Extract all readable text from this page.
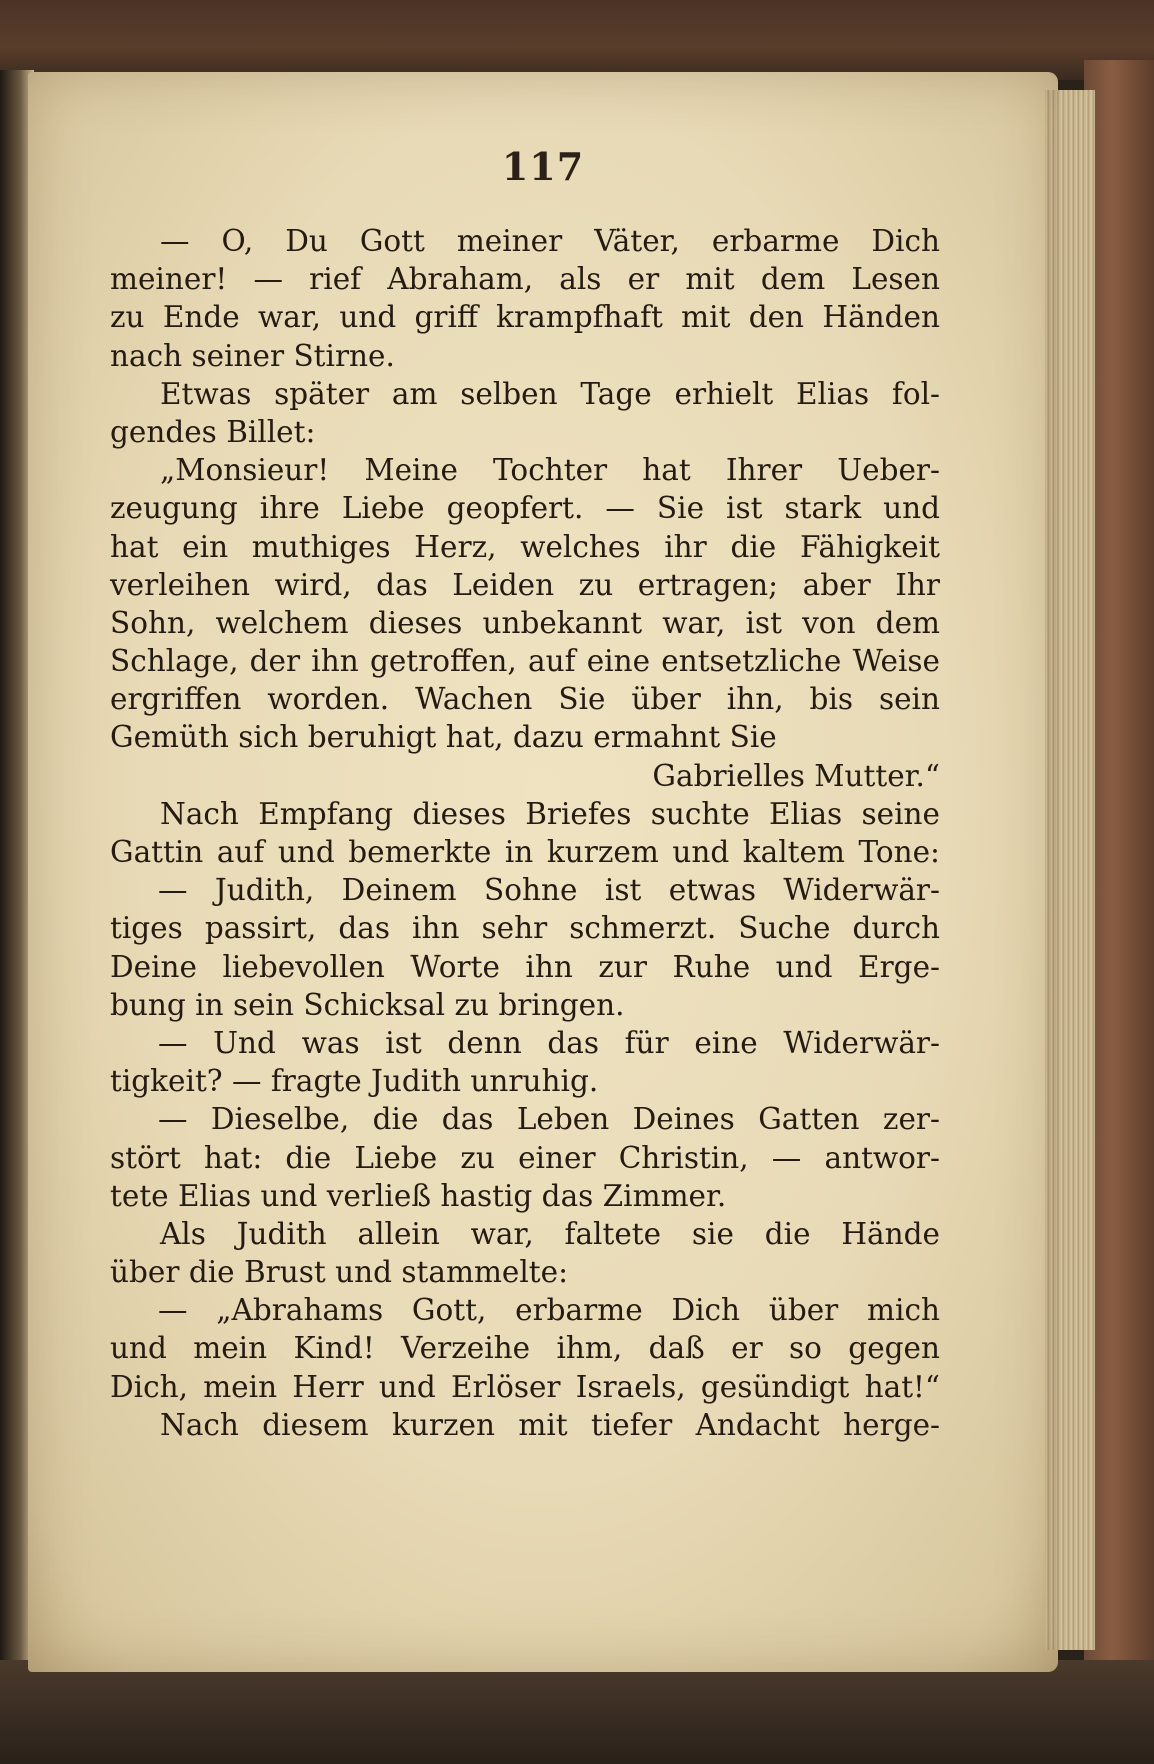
117
— O, Du Gott meiner Väter, erbarme Dich
meiner! — rief Abraham, als er mit dem Lesen
zu Ende war, und griff krampfhaft mit den Händen
nach seiner Stirne.
Etwas später am selben Tage erhielt Elias fol-
gendes Billet:
„Monsieur! Meine Tochter hat Ihrer Ueber-
zeugung ihre Liebe geopfert. — Sie ist stark und
hat ein muthiges Herz, welches ihr die Fähigkeit
verleihen wird, das Leiden zu ertragen; aber Ihr
Sohn, welchem dieses unbekannt war, ist von dem
Schlage, der ihn getroffen, auf eine entsetzliche Weise
ergriffen worden. Wachen Sie über ihn, bis sein
Gemüth sich beruhigt hat, dazu ermahnt Sie
Gabrielles Mutter.“
Nach Empfang dieses Briefes suchte Elias seine
Gattin auf und bemerkte in kurzem und kaltem Tone:
— Judith, Deinem Sohne ist etwas Widerwär-
tiges passirt, das ihn sehr schmerzt. Suche durch
Deine liebevollen Worte ihn zur Ruhe und Erge-
bung in sein Schicksal zu bringen.
— Und was ist denn das für eine Widerwär-
tigkeit? — fragte Judith unruhig.
— Dieselbe, die das Leben Deines Gatten zer-
stört hat: die Liebe zu einer Christin, — antwor-
tete Elias und verließ hastig das Zimmer.
Als Judith allein war, faltete sie die Hände
über die Brust und stammelte:
— „Abrahams Gott, erbarme Dich über mich
und mein Kind! Verzeihe ihm, daß er so gegen
Dich, mein Herr und Erlöser Israels, gesündigt hat!“
Nach diesem kurzen mit tiefer Andacht herge-
